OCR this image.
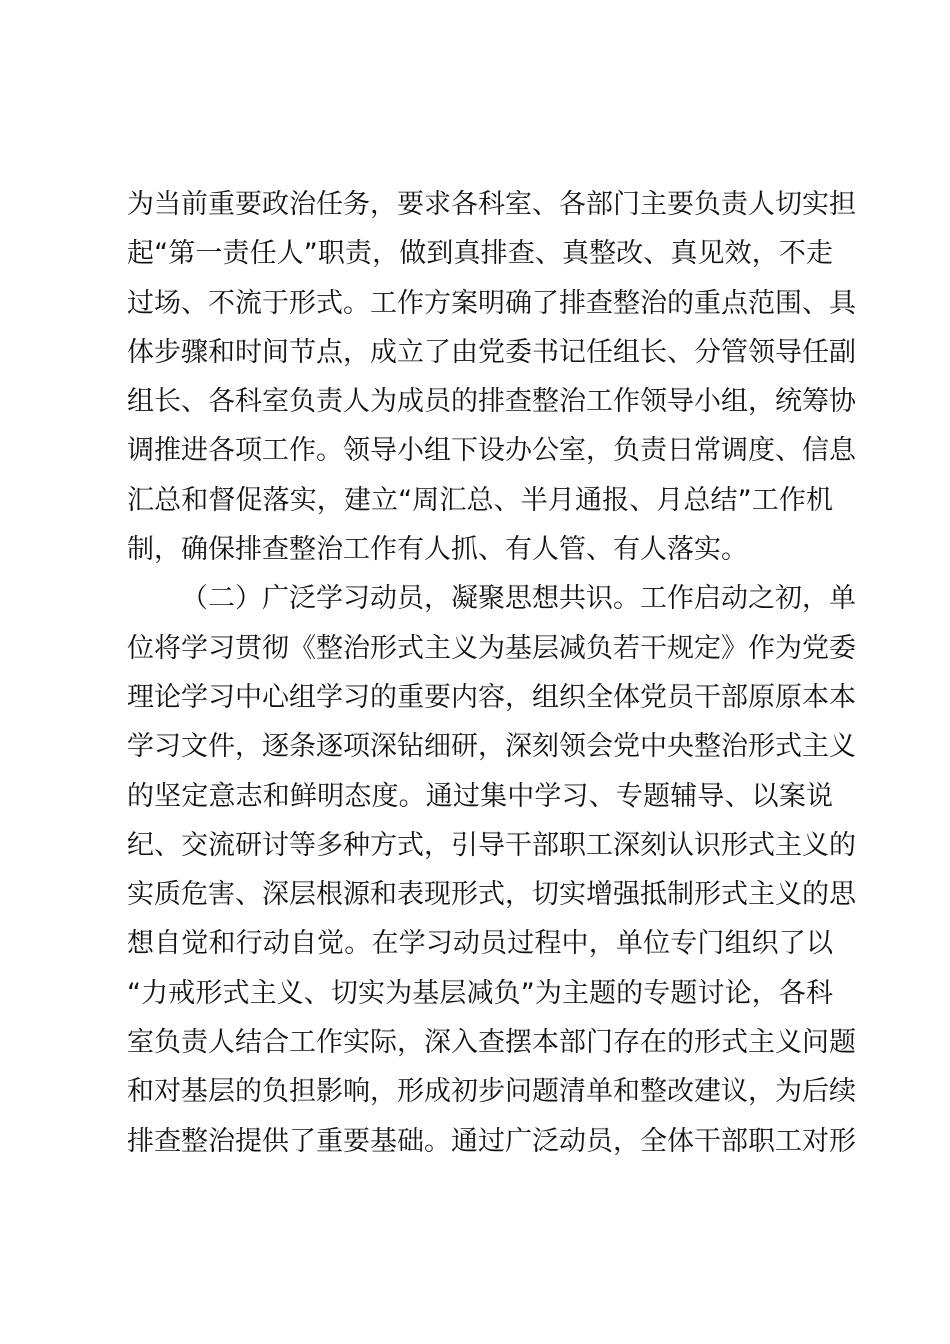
为当前重要政治任务，要求各科室、各部门主要负责人切实担
起“第一责任人”职责，做到真排查、真整改、真见效，不走
过场、不流于形式。工作方案明确了排查整治的重点范围、具
体步骤和时间节点，成立了由党委书记任组长、分管领导任副
组长、各科室负责人为成员的排查整治工作领导小组，统筹协
调推进各项工作。领导小组下设办公室，负责日常调度、信息
汇总和督促落实，建立“周汇总、半月通报、月总结”工作机
制，确保排查整治工作有人抓、有人管、有人落实。
（二）广泛学习动员，凝聚思想共识。工作启动之初，单
位将学习贯彻《整治形式主义为基层减负若干规定》作为党委
理论学习中心组学习的重要内容，组织全体党员干部原原本本
学习文件，逐条逐项深钻细研，深刻领会党中央整治形式主义
的坚定意志和鲜明态度。通过集中学习、专题辅导、以案说
纪、交流研讨等多种方式，引导干部职工深刻认识形式主义的
实质危害、深层根源和表现形式，切实增强抵制形式主义的思
想自觉和行动自觉。在学习动员过程中，单位专门组织了以
“力戒形式主义、切实为基层减负”为主题的专题讨论，各科
室负责人结合工作实际，深入查摆本部门存在的形式主义问题
和对基层的负担影响，形成初步问题清单和整改建议，为后续
排查整治提供了重要基础。通过广泛动员，全体干部职工对形
